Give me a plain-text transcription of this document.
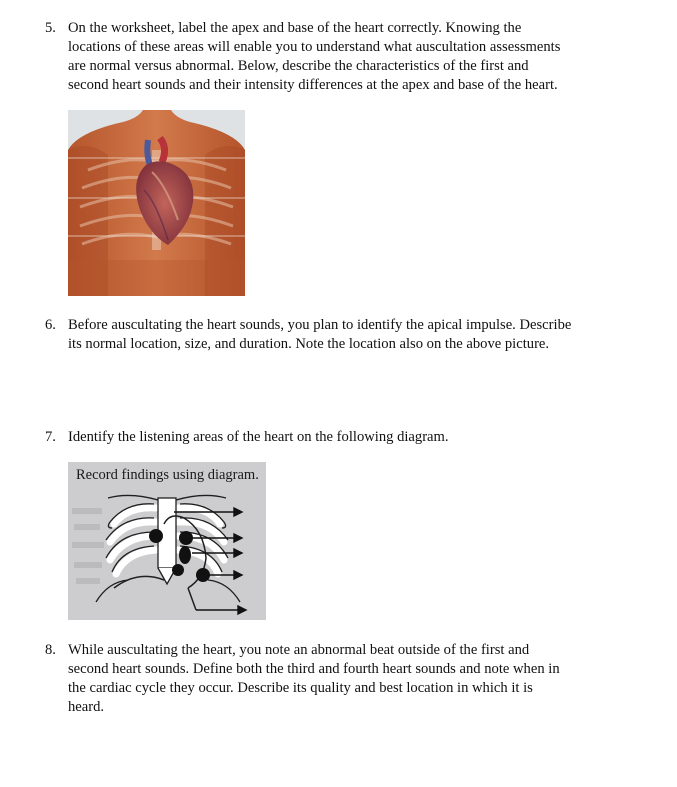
5. On the worksheet, label the apex and base of the heart correctly. Knowing the
locations of these areas will enable you to understand what auscultation assessments
are normal versus abnormal. Below, describe the characteristics of the first and
second heart sounds and their intensity differences at the apex and base of the heart.
6. Before auscultating the heart sounds, you plan to identify the apical impulse. Describe
its normal location, size, and duration. Note the location also on the above picture.
7. Identify the listening areas of the heart on the following diagram.
Record findings using diagram.
8. While auscultating the heart, you note an abnormal beat outside of the first and
second heart sounds. Define both the third and fourth heart sounds and note when in
the cardiac cycle they occur. Describe its quality and best location in which it is
heard.
